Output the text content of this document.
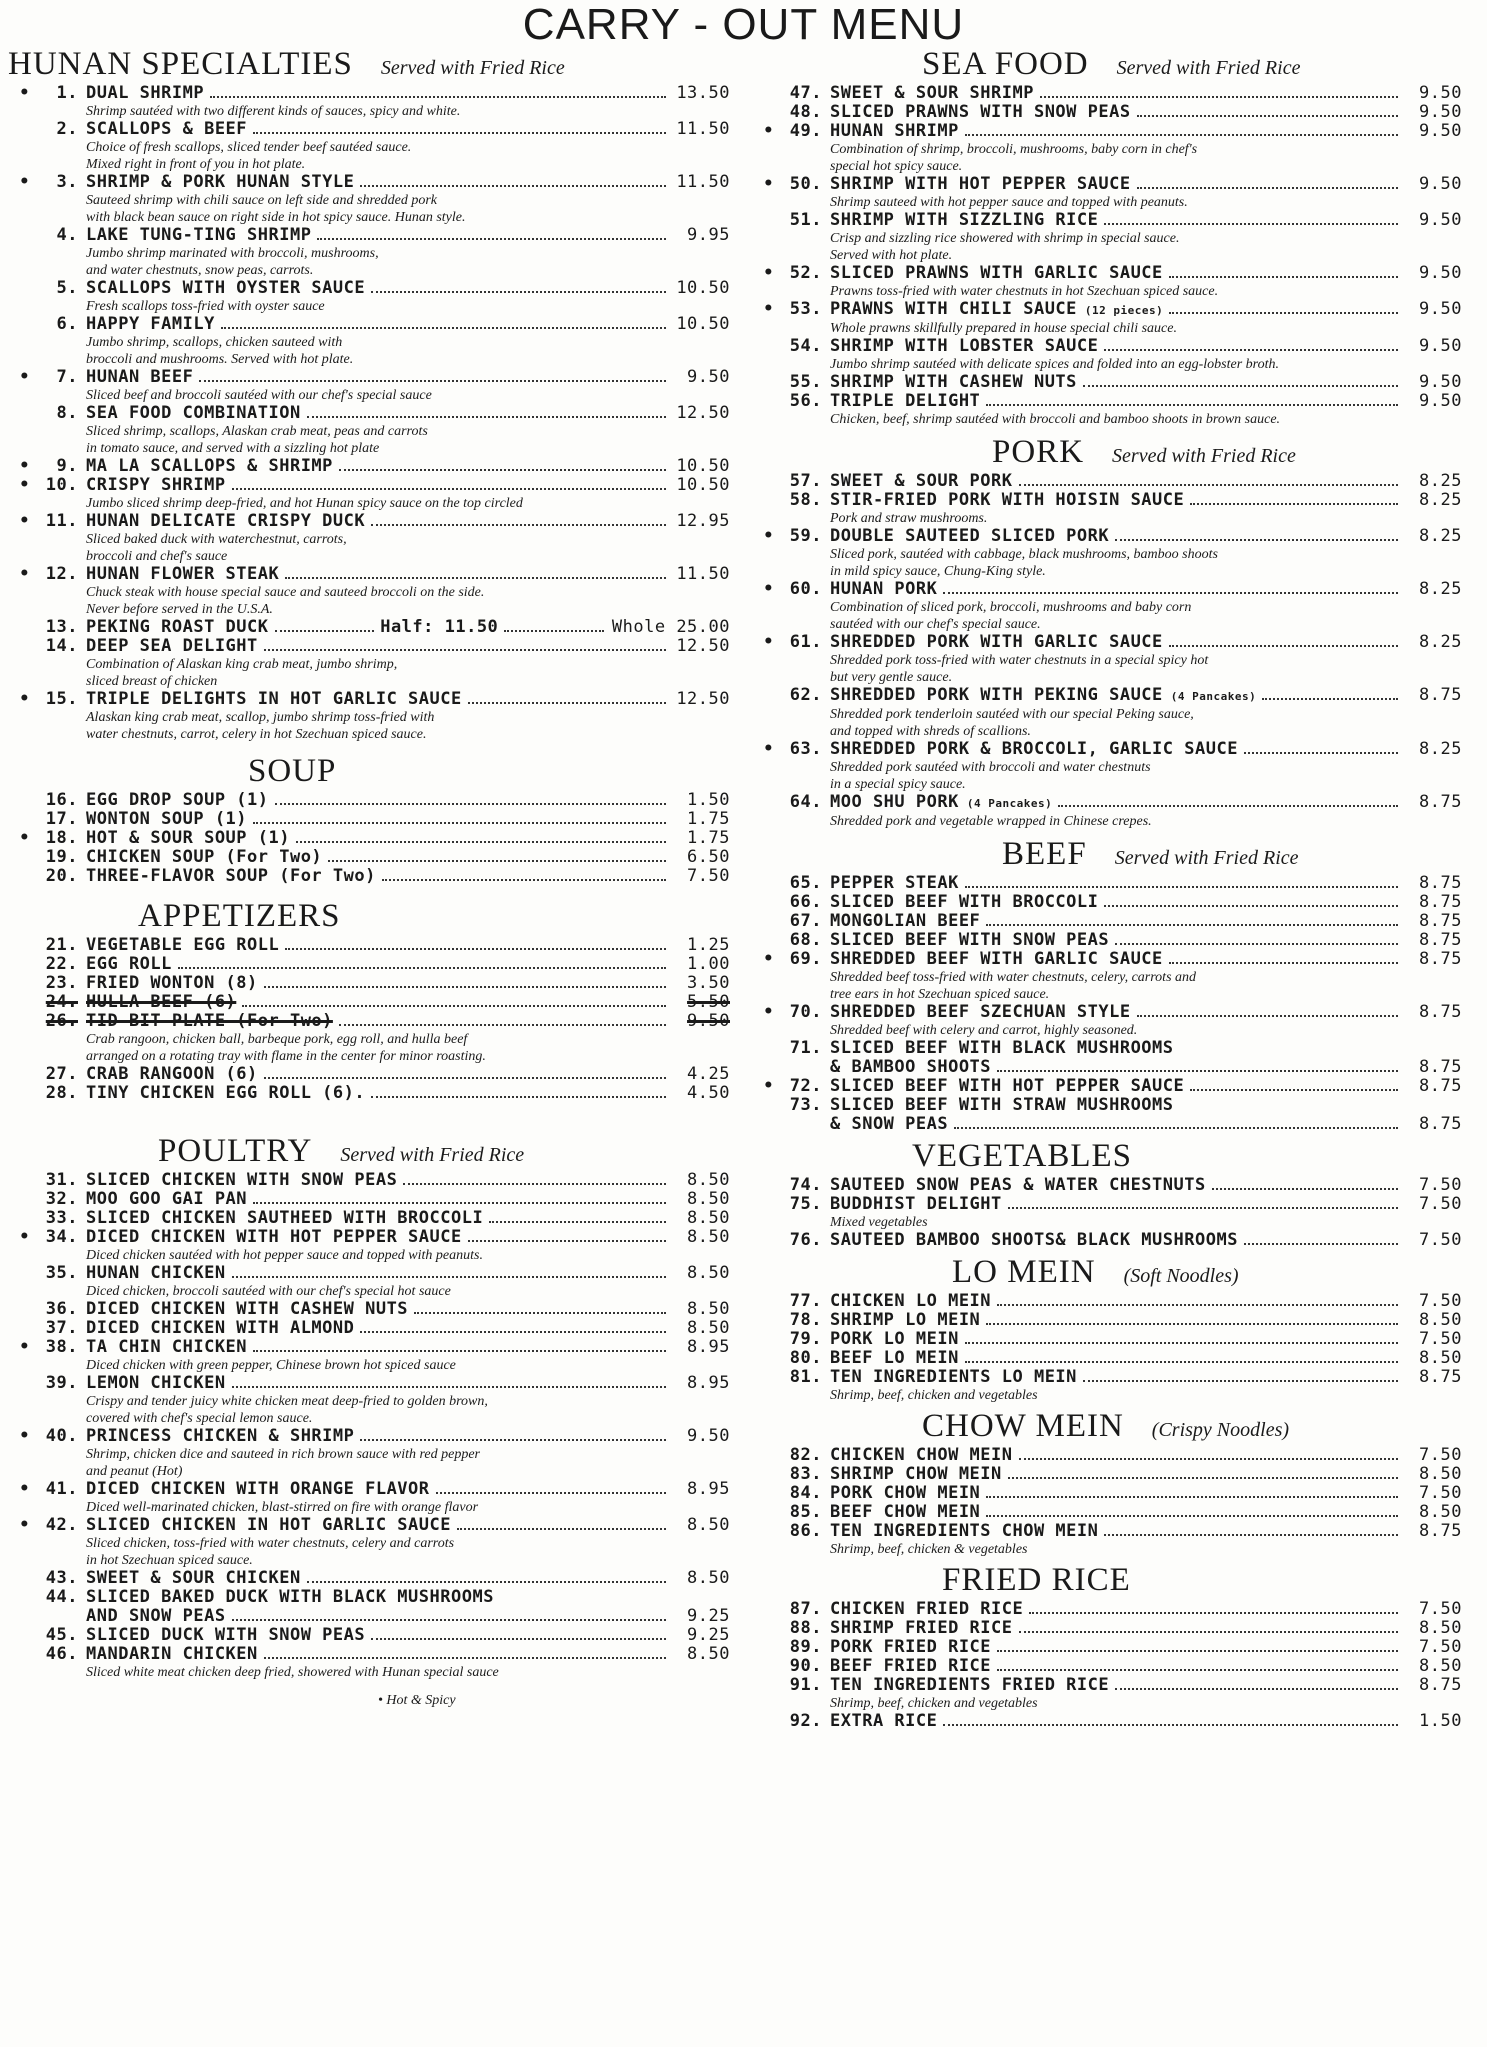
CARRY - OUT MENU
HUNAN SPECIALTIES Served with Fried Rice
•	1. DUAL SHRIMP	13.50
Shrimp sautéed with two different kinds of sauces, spicy and white.
2. SCALLOPS & BEEF	11.50
Choice of fresh scallops, sliced tender beef sautéed sauce.
Mixed right in front of you in hot plate.
•	3. SHRIMP & PORK HUNAN STYLE	11.50
Sauteed shrimp with chili sauce on left side and shredded pork
with black bean sauce on right side in hot spicy sauce. Hunan style.
4. LAKE TUNG-TING SHRIMP	9.95
Jumbo shrimp marinated with broccoli, mushrooms,
and water chestnuts, snow peas, carrots.
5. SCALLOPS WITH OYSTER SAUCE	10.50
Fresh scallops toss-fried with oyster sauce
6. HAPPY FAMILY	10.50
Jumbo shrimp, scallops, chicken sauteed with
broccoli and mushrooms. Served with hot plate.
•	7. HUNAN BEEF	9.50
Sliced beef and broccoli sautéed with our chef's special sauce
8. SEA FOOD COMBINATION	12.50
Sliced shrimp, scallops, Alaskan crab meat, peas and carrots
in tomato sauce, and served with a sizzling hot plate
•	9. MA LA SCALLOPS & SHRIMP	10.50
• 10. CRISPY SHRIMP	10.50
Jumbo sliced shrimp deep-fried, and hot Hunan spicy sauce on the top circled
• 11. HUNAN DELICATE CRISPY DUCK	12.95
Sliced baked duck with waterchestnut, carrots,
broccoli and chef's sauce
• 12. HUNAN FLOWER STEAK	11.50
Chuck steak with house special sauce and sauteed broccoli on the side.
Never before served in the U.S.A.
13. PEKING ROAST DUCK	Half: 11.50	Whole 25.00
14. DEEP SEA DELIGHT	12.50
Combination of Alaskan king crab meat, jumbo shrimp,
sliced breast of chicken
• 15. TRIPLE DELIGHTS IN HOT GARLIC SAUCE	12.50
Alaskan king crab meat, scallop, jumbo shrimp toss-fried with
water chestnuts, carrot, celery in hot Szechuan spiced sauce.
SOUP
16. EGG DROP SOUP (1)	1.50
17. WONTON SOUP (1)	1.75
• 18. HOT & SOUR SOUP (1)	1.75
19. CHICKEN SOUP (For Two)	6.50
20. THREE-FLAVOR SOUP (For Two)	7.50
APPETIZERS
21. VEGETABLE EGG ROLL	1.25
22. EGG ROLL	1.00
23. FRIED WONTON (8)	3.50
24. HULLA BEEF (6)	5.50
26. TID-BIT PLATE (For Two)	9.50
Crab rangoon, chicken ball, barbeque pork, egg roll, and hulla beef
arranged on a rotating tray with flame in the center for minor roasting.
27. CRAB RANGOON (6)	4.25
28. TINY CHICKEN EGG ROLL (6).	4.50
POULTRY Served with Fried Rice
31. SLICED CHICKEN WITH SNOW PEAS	8.50
32. MOO GOO GAI PAN	8.50
33. SLICED CHICKEN SAUTHEED WITH BROCCOLI	8.50
• 34. DICED CHICKEN WITH HOT PEPPER SAUCE	8.50
Diced chicken sautéed with hot pepper sauce and topped with peanuts.
35. HUNAN CHICKEN	8.50
Diced chicken, broccoli sautéed with our chef's special hot sauce
36. DICED CHICKEN WITH CASHEW NUTS	8.50
37. DICED CHICKEN WITH ALMOND	8.50
• 38. TA CHIN CHICKEN	8.95
Diced chicken with green pepper, Chinese brown hot spiced sauce
39. LEMON CHICKEN	8.95
Crispy and tender juicy white chicken meat deep-fried to golden brown,
covered with chef's special lemon sauce.
• 40. PRINCESS CHICKEN & SHRIMP	9.50
Shrimp, chicken dice and sauteed in rich brown sauce with red pepper
and peanut (Hot)
• 41. DICED CHICKEN WITH ORANGE FLAVOR	8.95
Diced well-marinated chicken, blast-stirred on fire with orange flavor
• 42. SLICED CHICKEN IN HOT GARLIC SAUCE	8.50
Sliced chicken, toss-fried with water chestnuts, celery and carrots
in hot Szechuan spiced sauce.
43. SWEET & SOUR CHICKEN	8.50
44. SLICED BAKED DUCK WITH BLACK MUSHROOMS
AND SNOW PEAS	9.25
45. SLICED DUCK WITH SNOW PEAS	9.25
46. MANDARIN CHICKEN	8.50
Sliced white meat chicken deep fried, showered with Hunan special sauce
• Hot & Spicy
SEA FOOD Served with Fried Rice
47. SWEET & SOUR SHRIMP	9.50
48. SLICED PRAWNS WITH SNOW PEAS	9.50
• 49. HUNAN SHRIMP	9.50
Combination of shrimp, broccoli, mushrooms, baby corn in chef's
special hot spicy sauce.
• 50. SHRIMP WITH HOT PEPPER SAUCE	9.50
Shrimp sauteed with hot pepper sauce and topped with peanuts.
51. SHRIMP WITH SIZZLING RICE	9.50
Crisp and sizzling rice showered with shrimp in special sauce.
Served with hot plate.
• 52. SLICED PRAWNS WITH GARLIC SAUCE	9.50
Prawns toss-fried with water chestnuts in hot Szechuan spiced sauce.
• 53. PRAWNS WITH CHILI SAUCE (12 pieces)	9.50
Whole prawns skillfully prepared in house special chili sauce.
54. SHRIMP WITH LOBSTER SAUCE	9.50
Jumbo shrimp sautéed with delicate spices and folded into an egg-lobster broth.
55. SHRIMP WITH CASHEW NUTS	9.50
56. TRIPLE DELIGHT	9.50
Chicken, beef, shrimp sautéed with broccoli and bamboo shoots in brown sauce.
PORK Served with Fried Rice
57. SWEET & SOUR PORK	8.25
58. STIR-FRIED PORK WITH HOISIN SAUCE	8.25
Pork and straw mushrooms.
• 59. DOUBLE SAUTEED SLICED PORK	8.25
Sliced pork, sautéed with cabbage, black mushrooms, bamboo shoots
in mild spicy sauce, Chung-King style.
• 60. HUNAN PORK	8.25
Combination of sliced pork, broccoli, mushrooms and baby corn
sautéed with our chef's special sauce.
• 61. SHREDDED PORK WITH GARLIC SAUCE	8.25
Shredded pork toss-fried with water chestnuts in a special spicy hot
but very gentle sauce.
62. SHREDDED PORK WITH PEKING SAUCE (4 Pancakes)	8.75
Shredded pork tenderloin sautéed with our special Peking sauce,
and topped with shreds of scallions.
• 63. SHREDDED PORK & BROCCOLI, GARLIC SAUCE	8.25
Shredded pork sautéed with broccoli and water chestnuts
in a special spicy sauce.
64. MOO SHU PORK (4 Pancakes)	8.75
Shredded pork and vegetable wrapped in Chinese crepes.
BEEF Served with Fried Rice
65. PEPPER STEAK	8.75
66. SLICED BEEF WITH BROCCOLI	8.75
67. MONGOLIAN BEEF	8.75
68. SLICED BEEF WITH SNOW PEAS	8.75
• 69. SHREDDED BEEF WITH GARLIC SAUCE	8.75
Shredded beef toss-fried with water chestnuts, celery, carrots and
tree ears in hot Szechuan spiced sauce.
• 70. SHREDDED BEEF SZECHUAN STYLE	8.75
Shredded beef with celery and carrot, highly seasoned.
71. SLICED BEEF WITH BLACK MUSHROOMS
& BAMBOO SHOOTS	8.75
• 72. SLICED BEEF WITH HOT PEPPER SAUCE	8.75
73. SLICED BEEF WITH STRAW MUSHROOMS
& SNOW PEAS	8.75
VEGETABLES
74. SAUTEED SNOW PEAS & WATER CHESTNUTS	7.50
75. BUDDHIST DELIGHT	7.50
Mixed vegetables
76. SAUTEED BAMBOO SHOOTS& BLACK MUSHROOMS	7.50
LO MEIN (Soft Noodles)
77. CHICKEN LO MEIN	7.50
78. SHRIMP LO MEIN	8.50
79. PORK LO MEIN	7.50
80. BEEF LO MEIN	8.50
81. TEN INGREDIENTS LO MEIN	8.75
Shrimp, beef, chicken and vegetables
CHOW MEIN (Crispy Noodles)
82. CHICKEN CHOW MEIN	7.50
83. SHRIMP CHOW MEIN	8.50
84. PORK CHOW MEIN	7.50
85. BEEF CHOW MEIN	8.50
86. TEN INGREDIENTS CHOW MEIN	8.75
Shrimp, beef, chicken & vegetables
FRIED RICE
87. CHICKEN FRIED RICE	7.50
88. SHRIMP FRIED RICE	8.50
89. PORK FRIED RICE	7.50
90. BEEF FRIED RICE	8.50
91. TEN INGREDIENTS FRIED RICE	8.75
Shrimp, beef, chicken and vegetables
92. EXTRA RICE	1.50
